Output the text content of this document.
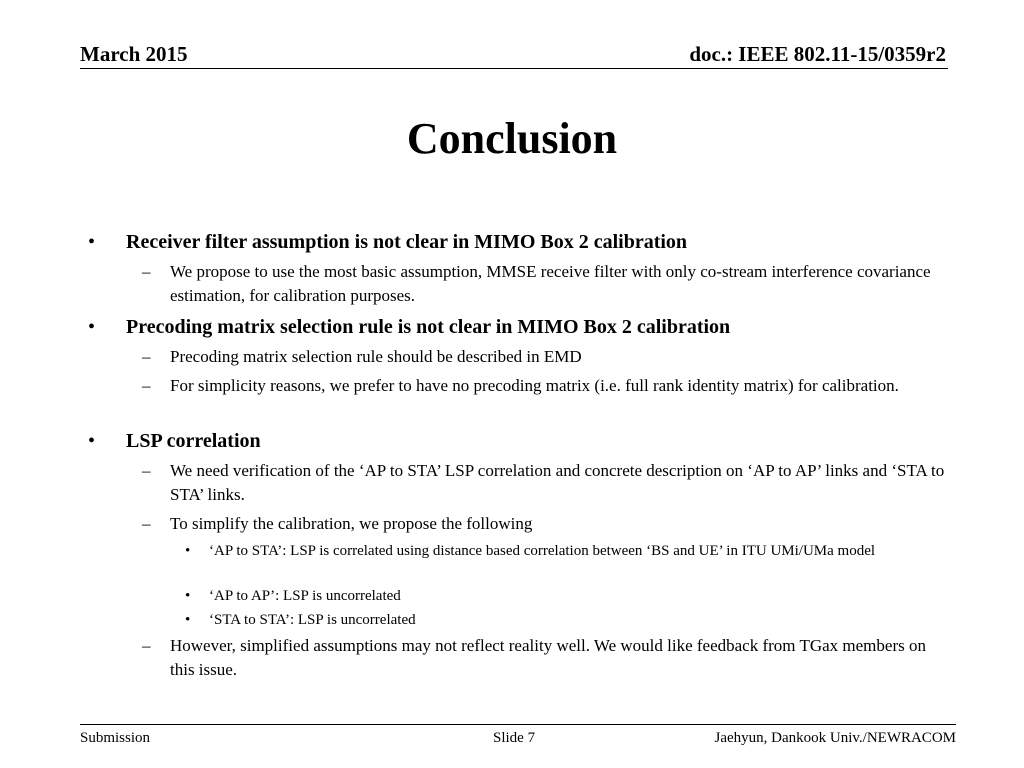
March 2015	doc.: IEEE 802.11-15/0359r2
Conclusion
• Receiver filter assumption is not clear in MIMO Box 2 calibration
– We propose to use the most basic assumption, MMSE receive filter with only co-stream interference covariance estimation, for calibration purposes.
• Precoding matrix selection rule is not clear in MIMO Box 2 calibration
– Precoding matrix selection rule should be described in EMD
– For simplicity reasons, we prefer to have no precoding matrix (i.e. full rank identity matrix) for calibration.
• LSP correlation
– We need verification of the ‘AP to STA’ LSP correlation and concrete description on ‘AP to AP’ links and ‘STA to STA’ links.
– To simplify the calibration, we propose the following
• ‘AP to STA’: LSP is correlated using distance based correlation between ‘BS and UE’ in ITU UMi/UMa model
• ‘AP to AP’: LSP is uncorrelated
• ‘STA to STA’: LSP is uncorrelated
– However, simplified assumptions may not reflect reality well. We would like feedback from TGax members on this issue.
Submission	Slide 7	Jaehyun, Dankook Univ./NEWRACOM
